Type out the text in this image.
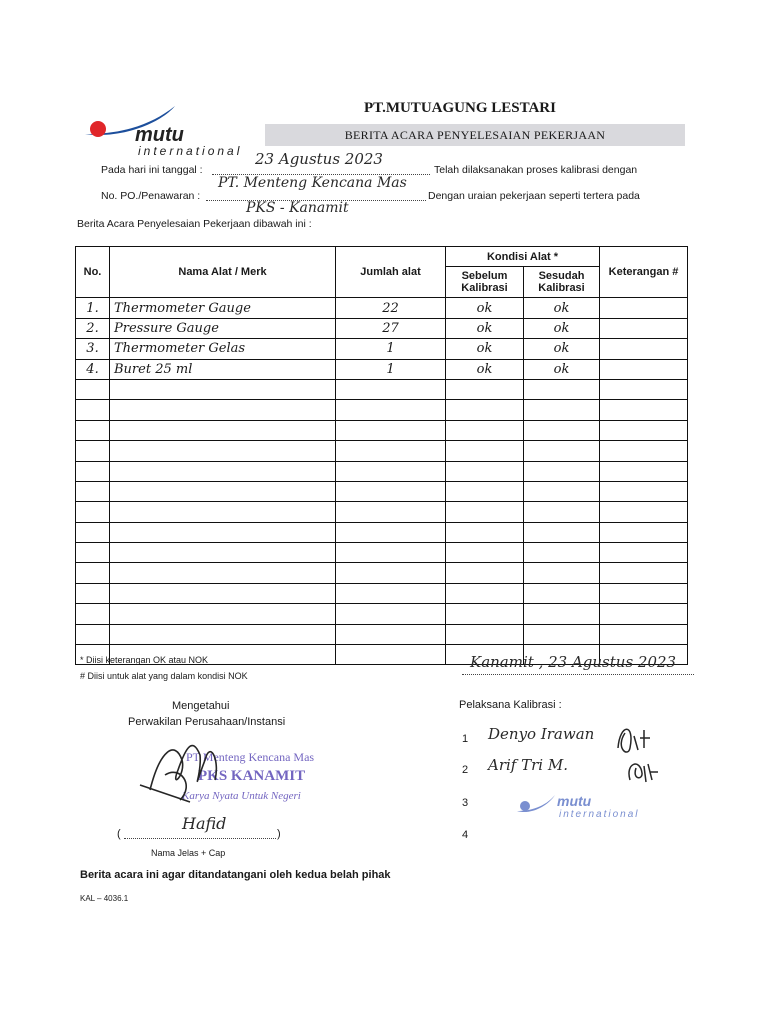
mutu
international
PT.MUTUAGUNG LESTARI
BERITA ACARA PENYELESAIAN PEKERJAAN
Pada hari ini tanggal :
23 Agustus 2023
Telah dilaksanakan proses kalibrasi dengan
No. PO./Penawaran :
PT. Menteng Kencana Mas
Dengan uraian pekerjaan seperti tertera pada
PKS - Kanamit
Berita Acara Penyelesaian Pekerjaan dibawah ini :
No.	Nama Alat / Merk	Jumlah alat	Kondisi Alat *		Keterangan #
			Sebelum Kalibrasi	Sesudah Kalibrasi	
1.	Thermometer Gauge	22	ok	ok	
2.	Pressure Gauge	27	ok	ok	
3.	Thermometer Gelas	1	ok	ok	
4.	Buret 25 ml	1	ok	ok	

* Diisi keterangan OK atau NOK
# Diisi untuk alat yang dalam kondisi NOK
Kanamit , 23 Agustus 2023
Mengetahui
Perwakilan Perusahaan/Instansi
PT Menteng Kencana Mas
PKS KANAMIT
Karya Nyata Untuk Negeri
(	)
Hafid
Nama Jelas + Cap
Pelaksana Kalibrasi :
1 Denyo Irawan
2 Arif Tri M.
3
4
mutu
international
Berita acara ini agar ditandatangani oleh kedua belah pihak
KAL – 4036.1
